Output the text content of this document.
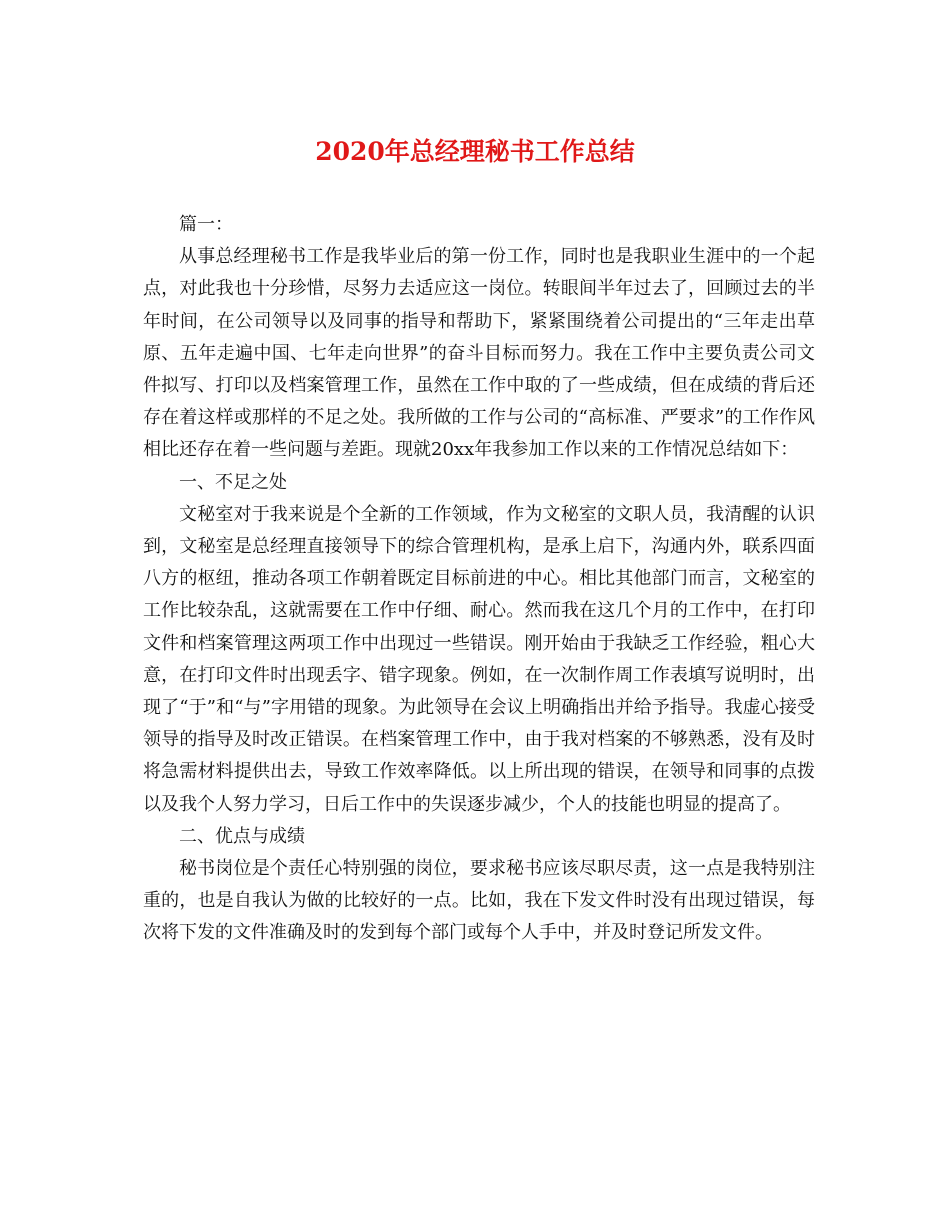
2020年总经理秘书工作总结

篇一：

从事总经理秘书工作是我毕业后的第一份工作，同时也是我职业生涯中的一个起点，对此我也十分珍惜，尽努力去适应这一岗位。转眼间半年过去了，回顾过去的半年时间，在公司领导以及同事的指导和帮助下，紧紧围绕着公司提出的“三年走出草原、五年走遍中国、七年走向世界”的奋斗目标而努力。我在工作中主要负责公司文件拟写、打印以及档案管理工作，虽然在工作中取的了一些成绩，但在成绩的背后还存在着这样或那样的不足之处。我所做的工作与公司的“高标准、严要求”的工作作风相比还存在着一些问题与差距。现就20xx年我参加工作以来的工作情况总结如下：

一、不足之处

文秘室对于我来说是个全新的工作领域，作为文秘室的文职人员，我清醒的认识到，文秘室是总经理直接领导下的综合管理机构，是承上启下，沟通内外，联系四面八方的枢纽，推动各项工作朝着既定目标前进的中心。相比其他部门而言，文秘室的工作比较杂乱，这就需要在工作中仔细、耐心。然而我在这几个月的工作中，在打印文件和档案管理这两项工作中出现过一些错误。刚开始由于我缺乏工作经验，粗心大意，在打印文件时出现丢字、错字现象。例如，在一次制作周工作表填写说明时，出现了“于”和“与”字用错的现象。为此领导在会议上明确指出并给予指导。我虚心接受领导的指导及时改正错误。在档案管理工作中，由于我对档案的不够熟悉，没有及时将急需材料提供出去，导致工作效率降低。以上所出现的错误，在领导和同事的点拨以及我个人努力学习，日后工作中的失误逐步减少，个人的技能也明显的提高了。

二、优点与成绩

秘书岗位是个责任心特别强的岗位，要求秘书应该尽职尽责，这一点是我特别注重的，也是自我认为做的比较好的一点。比如，我在下发文件时没有出现过错误，每次将下发的文件准确及时的发到每个部门或每个人手中，并及时登记所发文件。
